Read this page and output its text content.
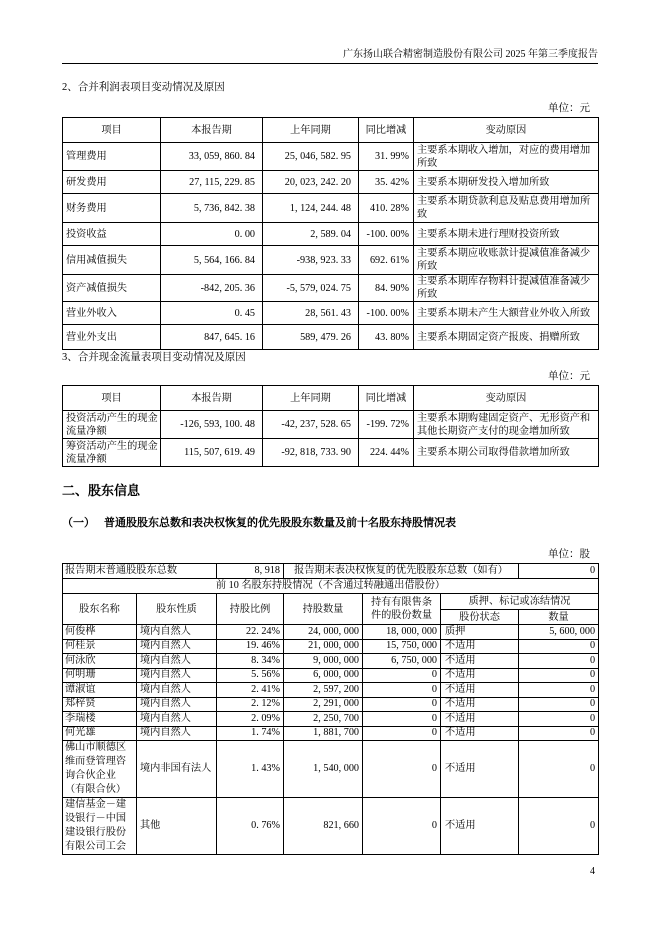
广东扬山联合精密制造股份有限公司 2025 年第三季度报告
2、合并利润表项目变动情况及原因
单位：元
项目	本报告期	上年同期	同比增减	变动原因
管理费用	33, 059, 860. 84	25, 046, 582. 95	31. 99%	主要系本期收入增加，对应的费用增加所致
研发费用	27, 115, 229. 85	20, 023, 242. 20	35. 42%	主要系本期研发投入增加所致
财务费用	5, 736, 842. 38	1, 124, 244. 48	410. 28%	主要系本期贷款利息及贴息费用增加所致
投资收益	0. 00	2, 589. 04	-100. 00%	主要系本期未进行理财投资所致
信用减值损失	5, 564, 166. 84	-938, 923. 33	692. 61%	主要系本期应收账款计提减值准备减少所致
资产减值损失	-842, 205. 36	-5, 579, 024. 75	84. 90%	主要系本期库存物料计提减值准备减少所致
营业外收入	0. 45	28, 561. 43	-100. 00%	主要系本期未产生大额营业外收入所致
营业外支出	847, 645. 16	589, 479. 26	43. 80%	主要系本期固定资产报废、捐赠所致
3、合并现金流量表项目变动情况及原因
单位：元
项目	本报告期	上年同期	同比增减	变动原因
投资活动产生的现金流量净额	-126, 593, 100. 48	-42, 237, 528. 65	-199. 72%	主要系本期购建固定资产、无形资产和其他长期资产支付的现金增加所致
筹资活动产生的现金流量净额	115, 507, 619. 49	-92, 818, 733. 90	224. 44%	主要系本期公司取得借款增加所致
二、股东信息
（一） 普通股股东总数和表决权恢复的优先股股东数量及前十名股东持股情况表
单位：股
报告期末普通股股东总数		8, 918	报告期末表决权恢复的优先股股东总数（如有）			0
前 10 名股东持股情况（不含通过转融通出借股份）						
股东名称	股东性质	持股比例	持股数量	持有有限售条件的股份数量	质押、标记或冻结情况	
					股份状态	数量
何俊桦	境内自然人	22. 24%	24, 000, 000	18, 000, 000	质押	5, 600, 000
何桂景	境内自然人	19. 46%	21, 000, 000	15, 750, 000	不适用	0
何泳欣	境内自然人	8. 34%	9, 000, 000	6, 750, 000	不适用	0
何明珊	境内自然人	5. 56%	6, 000, 000	0	不适用	0
谭淑谊	境内自然人	2. 41%	2, 597, 200	0	不适用	0
郑梓贤	境内自然人	2. 12%	2, 291, 000	0	不适用	0
李瑞楼	境内自然人	2. 09%	2, 250, 700	0	不适用	0
何光雄	境内自然人	1. 74%	1, 881, 700	0	不适用	0
佛山市顺德区维而登管理咨询合伙企业（有限合伙）	境内非国有法人	1. 43%	1, 540, 000	0	不适用	0
建信基金－建设银行－中国建设银行股份有限公司工会	其他	0. 76%	821, 660	0	不适用	0
4
